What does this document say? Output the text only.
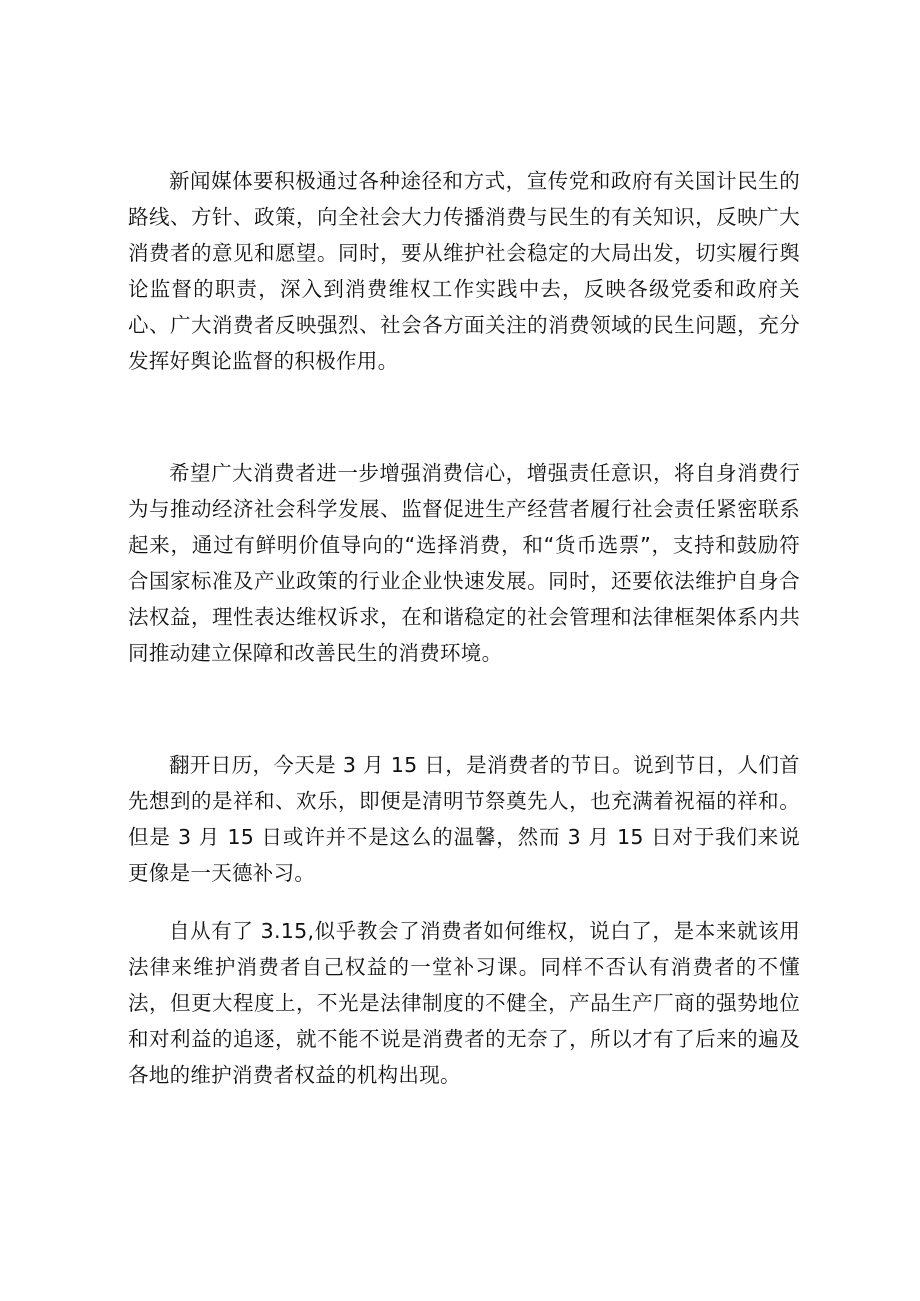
新闻媒体要积极通过各种途径和方式，宣传党和政府有关国计民生的路线、方针、政策，向全社会大力传播消费与民生的有关知识，反映广大消费者的意见和愿望。同时，要从维护社会稳定的大局出发，切实履行舆论监督的职责，深入到消费维权工作实践中去，反映各级党委和政府关心、广大消费者反映强烈、社会各方面关注的消费领域的民生问题，充分发挥好舆论监督的积极作用。

希望广大消费者进一步增强消费信心，增强责任意识，将自身消费行为与推动经济社会科学发展、监督促进生产经营者履行社会责任紧密联系起来，通过有鲜明价值导向的“选择消费，和“货币选票”，支持和鼓励符合国家标准及产业政策的行业企业快速发展。同时，还要依法维护自身合法权益，理性表达维权诉求，在和谐稳定的社会管理和法律框架体系内共同推动建立保障和改善民生的消费环境。

翻开日历，今天是 3 月 15 日，是消费者的节日。说到节日，人们首先想到的是祥和、欢乐，即便是清明节祭奠先人，也充满着祝福的祥和。但是 3 月 15 日或许并不是这么的温馨，然而 3 月 15 日对于我们来说更像是一天德补习。

自从有了 3.15,似乎教会了消费者如何维权，说白了，是本来就该用法律来维护消费者自己权益的一堂补习课。同样不否认有消费者的不懂法，但更大程度上，不光是法律制度的不健全，产品生产厂商的强势地位和对利益的追逐，就不能不说是消费者的无奈了，所以才有了后来的遍及各地的维护消费者权益的机构出现。
